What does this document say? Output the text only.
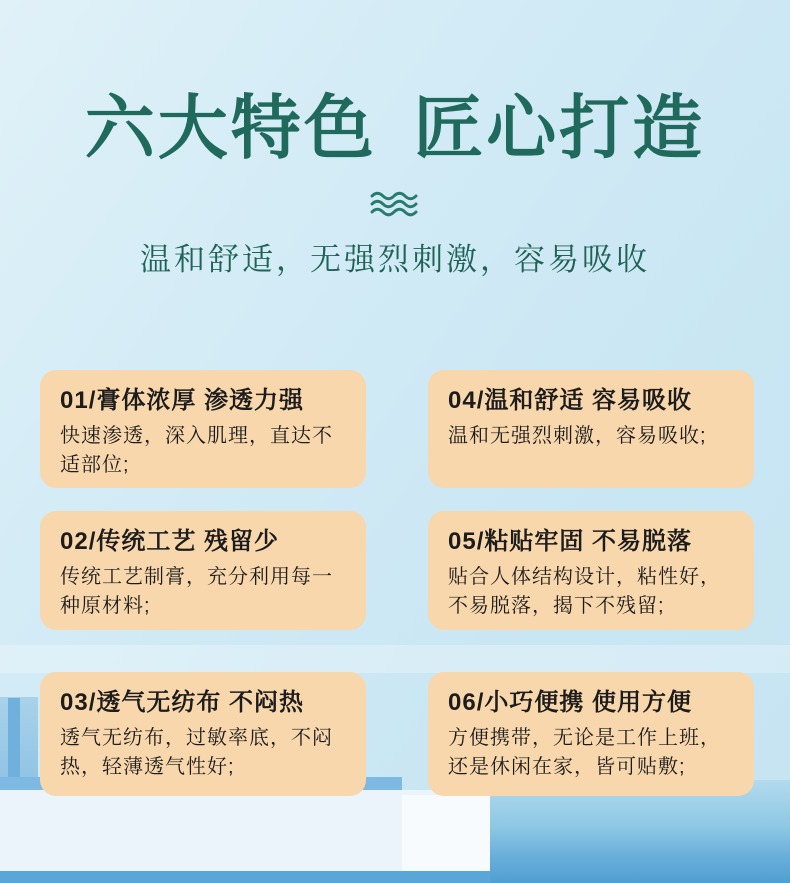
六大特色 匠心打造

温和舒适，无强烈刺激，容易吸收

01/膏体浓厚 渗透力强

快速渗透，深入肌理，直达不适部位;

04/温和舒适 容易吸收

温和无强烈刺激，容易吸收;

02/传统工艺 残留少

传统工艺制膏，充分利用每一种原材料;

05/粘贴牢固 不易脱落

贴合人体结构设计，粘性好，不易脱落，揭下不残留;

03/透气无纺布 不闷热

透气无纺布，过敏率底，不闷热，轻薄透气性好;

06/小巧便携 使用方便

方便携带，无论是工作上班，还是休闲在家，皆可贴敷;
